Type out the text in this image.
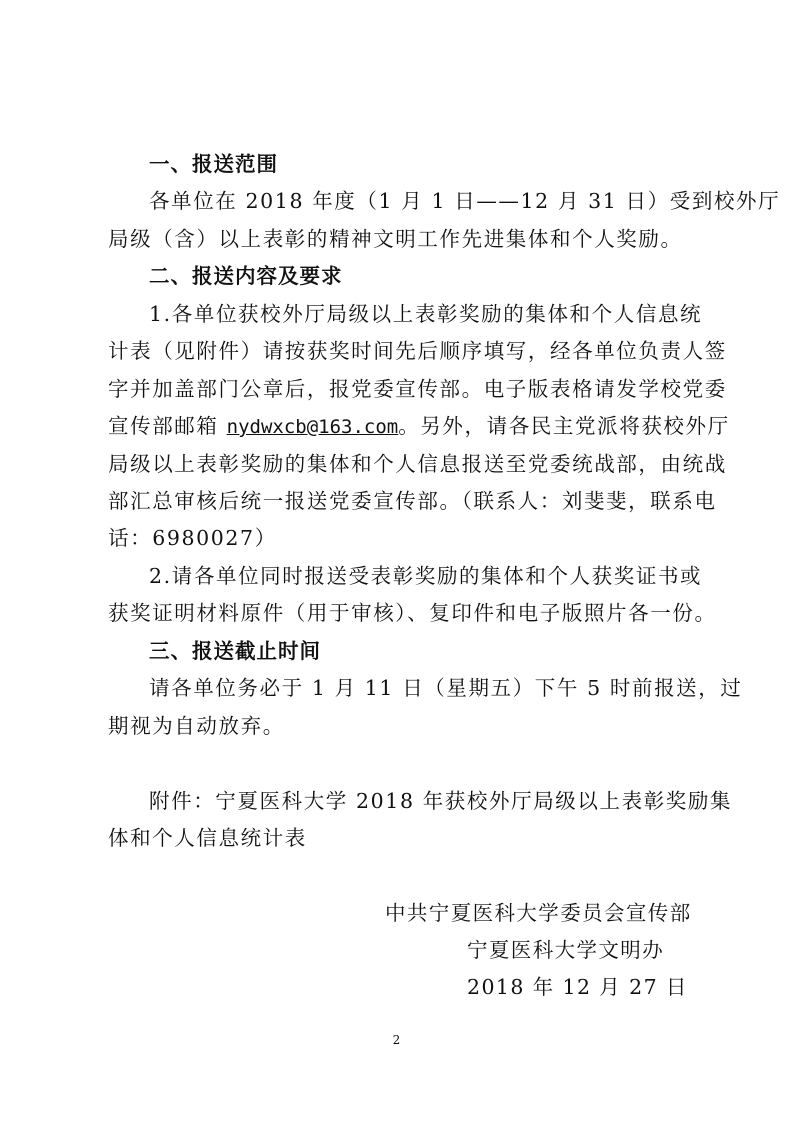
一、报送范围
各单位在 2018 年度（1 月 1 日——12 月 31 日）受到校外厅
局级（含）以上表彰的精神文明工作先进集体和个人奖励。
二、报送内容及要求
1.各单位获校外厅局级以上表彰奖励的集体和个人信息统
计表（见附件）请按获奖时间先后顺序填写，经各单位负责人签
字并加盖部门公章后，报党委宣传部。电子版表格请发学校党委
宣传部邮箱 nydwxcb@163.com。另外，请各民主党派将获校外厅
局级以上表彰奖励的集体和个人信息报送至党委统战部，由统战
部汇总审核后统一报送党委宣传部。（联系人：刘斐斐，联系电
话：6980027）
2.请各单位同时报送受表彰奖励的集体和个人获奖证书或
获奖证明材料原件（用于审核）、复印件和电子版照片各一份。
三、报送截止时间
请各单位务必于 1 月 11 日（星期五）下午 5 时前报送，过
期视为自动放弃。
附件：宁夏医科大学 2018 年获校外厅局级以上表彰奖励集
体和个人信息统计表
中共宁夏医科大学委员会宣传部
宁夏医科大学文明办
2018 年 12 月 27 日
2
